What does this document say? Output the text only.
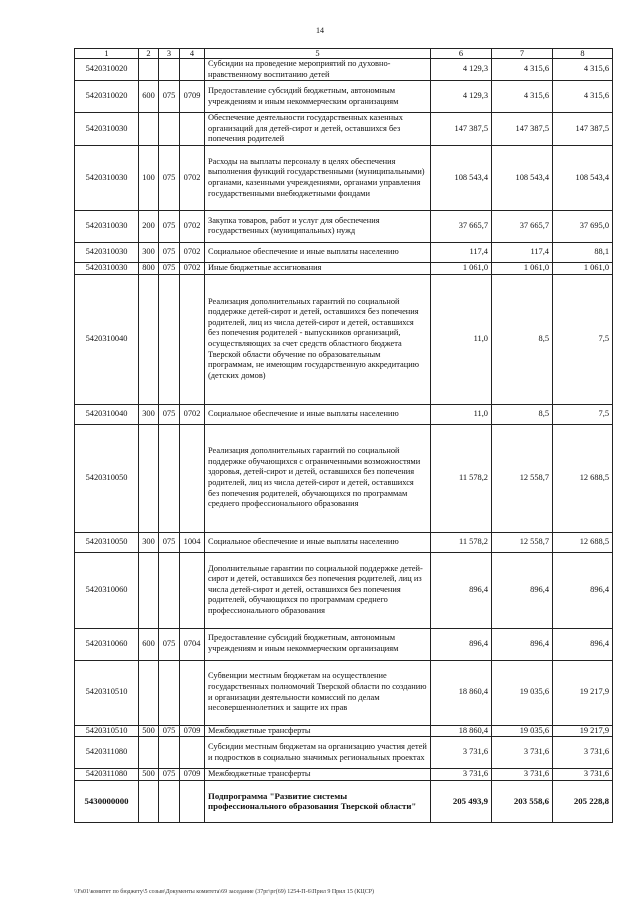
14
1	2	3	4	5	6	7	8
5420310020				Субсидии на проведение мероприятий по духовно-нравственному воспитанию детей	4 129,3	4 315,6	4 315,6
5420310020	600	075	0709	Предоставление субсидий бюджетным, автономным учреждениям и иным некоммерческим организациям	4 129,3	4 315,6	4 315,6
5420310030				Обеспечение деятельности государственных казенных организаций для детей-сирот и детей, оставшихся без попечения родителей	147 387,5	147 387,5	147 387,5
5420310030	100	075	0702	Расходы на выплаты персоналу в целях обеспечения выполнения функций государственными (муниципальными) органами, казенными учреждениями, органами управления государственными внебюджетными фондами	108 543,4	108 543,4	108 543,4
5420310030	200	075	0702	Закупка товаров, работ и услуг для обеспечения государственных (муниципальных) нужд	37 665,7	37 665,7	37 695,0
5420310030	300	075	0702	Социальное обеспечение и иные выплаты населению	117,4	117,4	88,1
5420310030	800	075	0702	Иные бюджетные ассигнования	1 061,0	1 061,0	1 061,0
5420310040				Реализация дополнительных гарантий по социальной поддержке детей-сирот и детей, оставшихся без попечения родителей, лиц из числа детей-сирот и детей, оставшихся без попечения родителей - выпускников организаций, осуществляющих за счет средств областного бюджета Тверской области обучение по образовательным программам, не имеющим государственную аккредитацию (детских домов)	11,0	8,5	7,5
5420310040	300	075	0702	Социальное обеспечение и иные выплаты населению	11,0	8,5	7,5
5420310050				Реализация дополнительных гарантий по социальной поддержке обучающихся с ограниченными возможностями здоровья, детей-сирот и детей, оставшихся без попечения родителей, лиц из числа детей-сирот и детей, оставшихся без попечения родителей, обучающихся по программам среднего профессионального образования	11 578,2	12 558,7	12 688,5
5420310050	300	075	1004	Социальное обеспечение и иные выплаты населению	11 578,2	12 558,7	12 688,5
5420310060				Дополнительные гарантии по социальной поддержке детей-сирот и детей, оставшихся без попечения родителей, лиц из числа детей-сирот и детей, оставшихся без попечения родителей, обучающихся по программам среднего профессионального образования	896,4	896,4	896,4
5420310060	600	075	0704	Предоставление субсидий бюджетным, автономным учреждениям и иным некоммерческим организациям	896,4	896,4	896,4
5420310510				Субвенции местным бюджетам на осуществление государственных полномочий Тверской области по созданию и организации деятельности комиссий по делам несовершеннолетних и защите их прав	18 860,4	19 035,6	19 217,9
5420310510	500	075	0709	Межбюджетные трансферты	18 860,4	19 035,6	19 217,9
5420311080				Субсидии местным бюджетам на организацию участия детей и подростков в социально значимых региональных проектах	3 731,6	3 731,6	3 731,6
5420311080	500	075	0709	Межбюджетные трансферты	3 731,6	3 731,6	3 731,6
5430000000				Подпрограмма "Развитие системы профессионального образования Тверской области"	205 493,9	203 558,6	205 228,8
\\Fs01\комитет по бюджету\5 созыв\Документы комитета\69 заседание (37рг\рг(69) 1254-П-6\Прил 9 Прил 15 (КЦСР)
